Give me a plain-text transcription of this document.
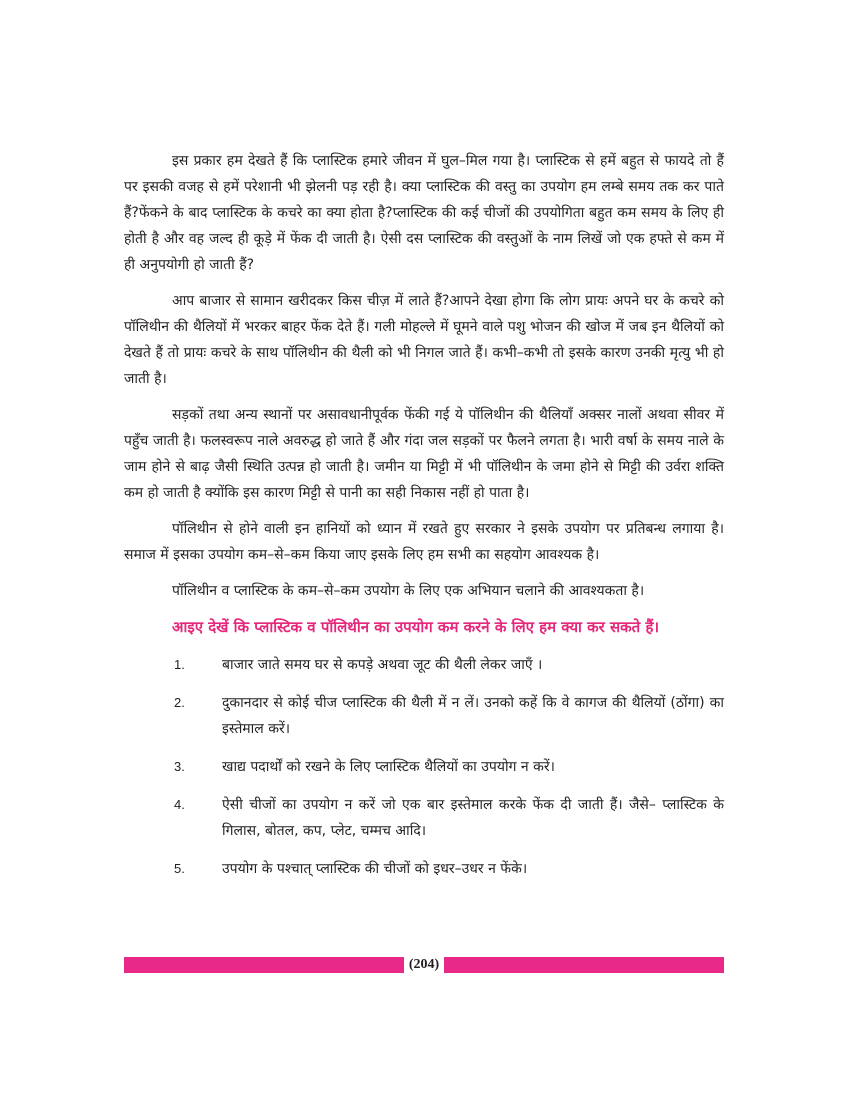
इस प्रकार हम देखते हैं कि प्लास्टिक हमारे जीवन में घुल–मिल गया है। प्लास्टिक से हमें बहुत से फायदे तो हैं पर इसकी वजह से हमें परेशानी भी झेलनी पड़ रही है। क्या प्लास्टिक की वस्तु का उपयोग हम लम्बे समय तक कर पाते हैं?फेंकने के बाद प्लास्टिक के कचरे का क्या होता है?प्लास्टिक की कई चीजों की उपयोगिता बहुत कम समय के लिए ही होती है और वह जल्द ही कूड़े में फेंक दी जाती है। ऐसी दस प्लास्टिक की वस्तुओं के नाम लिखें जो एक हफ्ते से कम में ही अनुपयोगी हो जाती हैं?

आप बाजार से सामान खरीदकर किस चीज़ में लाते हैं?आपने देखा होगा कि लोग प्रायः अपने घर के कचरे को पॉलिथीन की थैलियों में भरकर बाहर फेंक देते हैं। गली मोहल्ले में घूमने वाले पशु भोजन की खोज में जब इन थैलियों को देखते हैं तो प्रायः कचरे के साथ पॉलिथीन की थैली को भी निगल जाते हैं। कभी–कभी तो इसके कारण उनकी मृत्यु भी हो जाती है।

सड़कों तथा अन्य स्थानों पर असावधानीपूर्वक फेंकी गई ये पॉलिथीन की थैलियाँ अक्सर नालों अथवा सीवर में पहुँच जाती है। फलस्वरूप नाले अवरुद्ध हो जाते हैं और गंदा जल सड़कों पर फैलने लगता है। भारी वर्षा के समय नाले के जाम होने से बाढ़ जैसी स्थिति उत्पन्न हो जाती है। जमीन या मिट्टी में भी पॉलिथीन के जमा होने से मिट्टी की उर्वरा शक्ति कम हो जाती है क्योंकि इस कारण मिट्टी से पानी का सही निकास नहीं हो पाता है।

पॉलिथीन से होने वाली इन हानियों को ध्यान में रखते हुए सरकार ने इसके उपयोग पर प्रतिबन्ध लगाया है। समाज में इसका उपयोग कम–से–कम किया जाए इसके लिए हम सभी का सहयोग आवश्यक है।

पॉलिथीन व प्लास्टिक के कम–से–कम उपयोग के लिए एक अभियान चलाने की आवश्यकता है।

आइए देखें कि प्लास्टिक व पॉलिथीन का उपयोग कम करने के लिए हम क्या कर सकते हैं।

1.	बाजार जाते समय घर से कपड़े अथवा जूट की थैली लेकर जाएँ ।
2.	दुकानदार से कोई चीज प्लास्टिक की थैली में न लें। उनको कहें कि वे कागज की थैलियों (ठोंगा) का इस्तेमाल करें।
3.	खाद्य पदार्थों को रखने के लिए प्लास्टिक थैलियों का उपयोग न करें।
4.	ऐसी चीजों का उपयोग न करें जो एक बार इस्तेमाल करके फेंक दी जाती हैं। जैसे– प्लास्टिक के गिलास, बोतल, कप, प्लेट, चम्मच आदि।
5.	उपयोग के पश्चात् प्लास्टिक की चीजों को इधर–उधर न फेंके।
(204)
